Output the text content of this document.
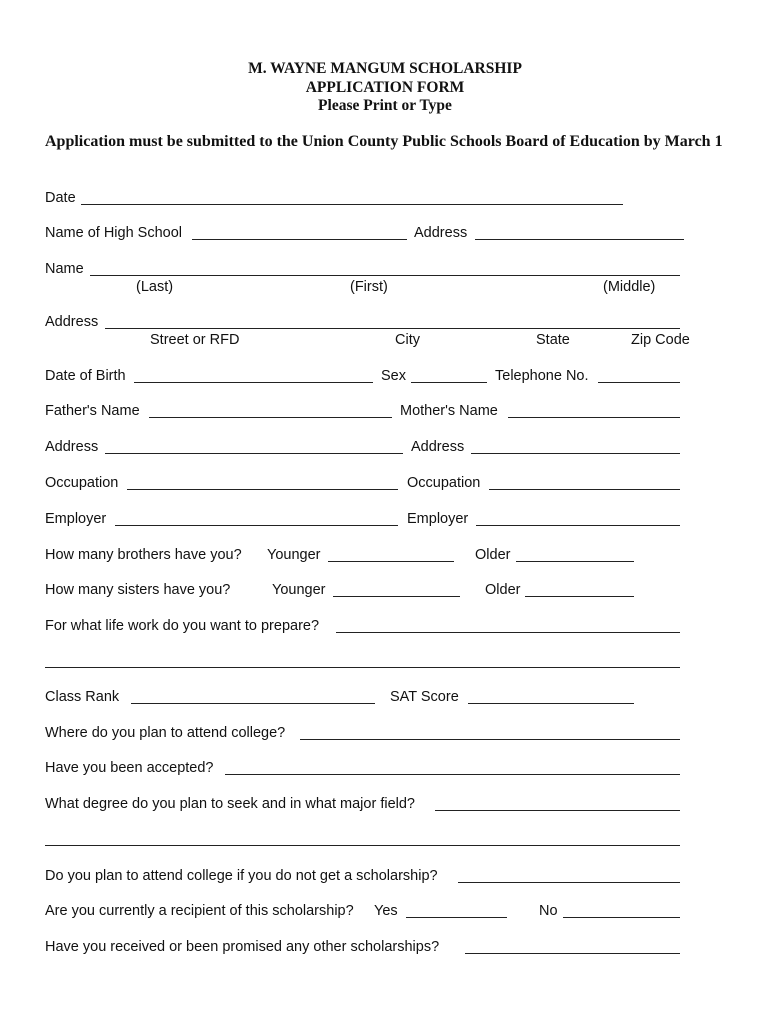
M. WAYNE MANGUM SCHOLARSHIP
APPLICATION FORM
Please Print or Type
Application must be submitted to the Union County Public Schools Board of Education by March 1
Date
Name of High School	Address
Name
(Last)	(First)	(Middle)
Address
Street or RFD	City	State	Zip Code
Date of Birth	Sex	Telephone No.
Father's Name	Mother's Name
Address	Address
Occupation	Occupation
Employer	Employer
How many brothers have you? Younger	Older
How many sisters have you?	Younger	Older
For what life work do you want to prepare?
Class Rank	SAT Score
Where do you plan to attend college?
Have you been accepted?
What degree do you plan to seek and in what major field?
Do you plan to attend college if you do not get a scholarship?
Are you currently a recipient of this scholarship? Yes	No
Have you received or been promised any other scholarships?
